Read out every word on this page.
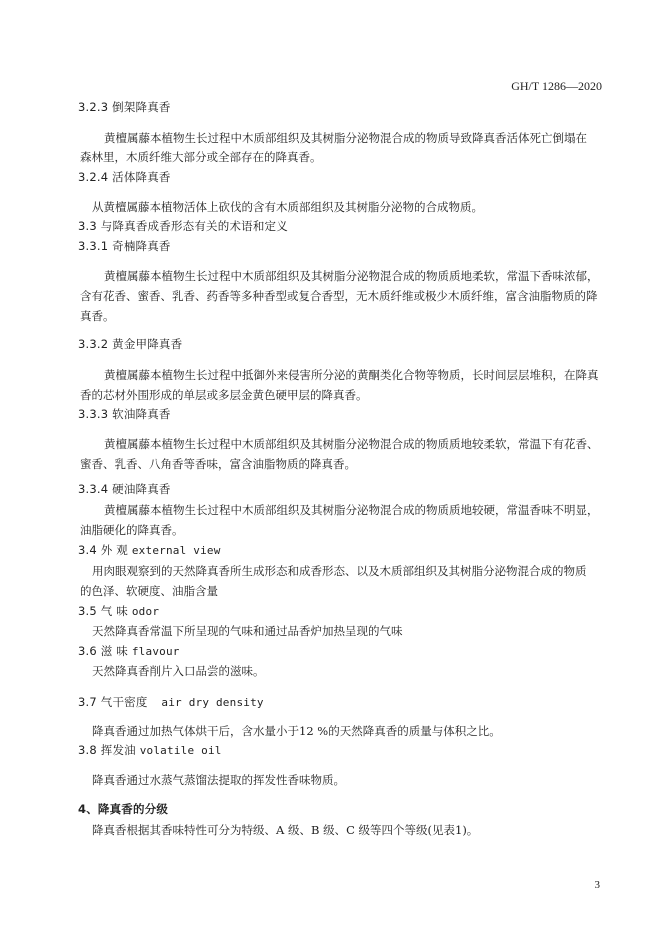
GH/T 1286—2020
3.2.3 倒架降真香
黄檀属藤本植物生长过程中木质部组织及其树脂分泌物混合成的物质导致降真香活体死亡倒塌在
森林里，木质纤维大部分或全部存在的降真香。
3.2.4 活体降真香
从黄檀属藤本植物活体上砍伐的含有木质部组织及其树脂分泌物的合成物质。
3.3 与降真香成香形态有关的术语和定义
3.3.1 奇楠降真香
黄檀属藤本植物生长过程中木质部组织及其树脂分泌物混合成的物质质地柔软，常温下香味浓郁，
含有花香、蜜香、乳香、药香等多种香型或复合香型，无木质纤维或极少木质纤维，富含油脂物质的降
真香。
3.3.2 黄金甲降真香
黄檀属藤本植物生长过程中抵御外来侵害所分泌的黄酮类化合物等物质，长时间层层堆积，在降真
香的芯材外围形成的单层或多层金黄色硬甲层的降真香。
3.3.3 软油降真香
黄檀属藤本植物生长过程中木质部组织及其树脂分泌物混合成的物质质地较柔软，常温下有花香、
蜜香、乳香、八角香等香味，富含油脂物质的降真香。
3.3.4 硬油降真香
黄檀属藤本植物生长过程中木质部组织及其树脂分泌物混合成的物质质地较硬，常温香味不明显，
油脂硬化的降真香。
3.4 外 观 external view
用肉眼观察到的天然降真香所生成形态和成香形态、以及木质部组织及其树脂分泌物混合成的物质
的色泽、软硬度、油脂含量
3.5 气 味 odor
天然降真香常温下所呈现的气味和通过品香炉加热呈现的气味
3.6 滋 味 flavour
天然降真香削片入口品尝的滋味。
3.7 气干密度 air dry density
降真香通过加热气体烘干后，含水量小于12 %的天然降真香的质量与体积之比。
3.8 挥发油 volatile oil
降真香通过水蒸气蒸馏法提取的挥发性香味物质。
4、降真香的分级
降真香根据其香味特性可分为特级、A 级、B 级、C 级等四个等级(见表1)。
3
